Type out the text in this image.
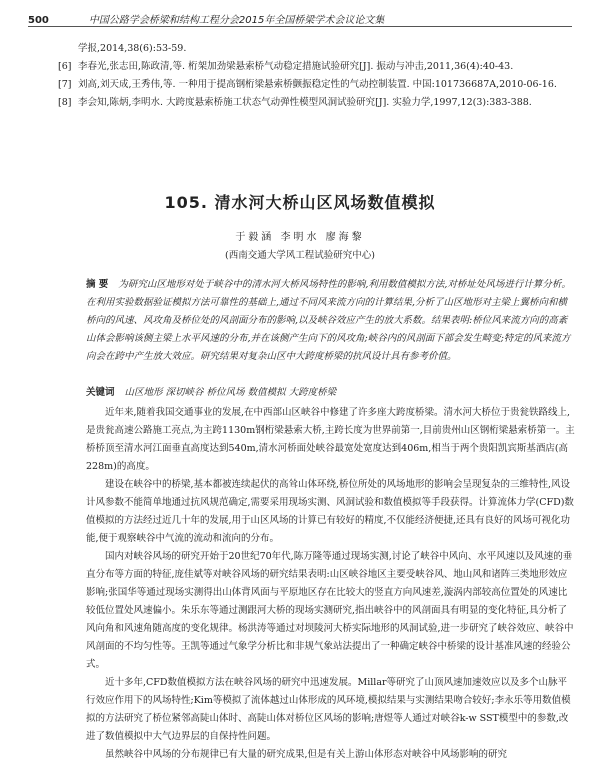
500	中国公路学会桥梁和结构工程分会2015年全国桥梁学术会议论文集
学报,2014,38(6):53-59.
[6] 李春光,张志田,陈政清,等. 桁架加劲梁悬索桥气动稳定措施试验研究[J]. 振动与冲击,2011,36(4):40-43.
[7] 刘高,刘天成,王秀伟,等. 一种用于提高钢桁梁悬索桥颤振稳定性的气动控制装置. 中国:101736687A,2010-06-16.
[8] 李会知,陈炳,李明水. 大跨度悬索桥施工状态气动弹性模型风洞试验研究[J]. 实验力学,1997,12(3):383-388.
105. 清水河大桥山区风场数值模拟
于毅涵 李明水 廖海黎
(西南交通大学风工程试验研究中心)
摘 要 为研究山区地形对处于峡谷中的清水河大桥风场特性的影响,利用数值模拟方法,对桥址处风场进行计算分析。在利用实验数据验证模拟方法可靠性的基础上,通过不同风来流方向的计算结果,分析了山区地形对主梁上翼桥向和横桥向的风速、风攻角及桥位处的风剖面分布的影响,以及峡谷效应产生的放大系数。结果表明:桥位风来流方向的高紊山体会影响该侧主梁上水平风速的分布,并在该侧产生向下的风攻角;峡谷内的风剖面下部会发生畸变;特定的风来流方向会在跨中产生放大效应。研究结果对复杂山区中大跨度桥梁的抗风设计具有参考价值。
关键词 山区地形 深切峡谷 桥位风场 数值模拟 大跨度桥梁

近年来,随着我国交通事业的发展,在中西部山区峡谷中修建了许多座大跨度桥梁。清水河大桥位于贵瓮铁路线上,是贵瓮高速公路施工亮点,为主跨1130m钢桁梁悬索大桥,主跨长度为世界前第一,目前贵州山区钢桁梁悬索桥第一。主桥桥顶至清水河江面垂直高度达到540m,清水河桥面处峡谷最宽处宽度达到406m,相当于两个贵阳凯宾斯基酒店(高228m)的高度。

建设在峡谷中的桥梁,基本都被连续起伏的高耸山体环绕,桥位所处的风场地形的影响会呈现复杂的三维特性,风设计风参数不能简单地通过抗风规范确定,需要采用现场实测、风洞试验和数值模拟等手段获得。计算流体力学(CFD)数值模拟的方法经过近几十年的发展,用于山区风场的计算已有较好的精度,不仅能经济便捷,还具有良好的风场可视化功能,便于观察峡谷中气流的流动和流向的分布。

国内对峡谷风场的研究开始于20世纪70年代,陈万隆等通过现场实测,讨论了峡谷中风向、水平风速以及风速的垂直分布等方面的特征,庞佳斌等对峡谷风场的研究结果表明:山区峡谷地区主要受峡谷风、地山风和诸阵三类地形效应影响;张国华等通过现场实测得出山体背风面与平原地区存在比较大的竖直方向风速差,漩涡内部较高位置处的风速比较低位置处风速偏小。朱乐东等通过测跟河大桥的现场实测研究,指出峡谷中的风剖面具有明显的变化特征,具分析了风向角和风速角随高度的变化规律。杨洪涛等通过对坝陵河大桥实际地形的风洞试验,进一步研究了峡谷效应、峡谷中风剖面的不均匀性等。王凯等通过气象学分析比和非规气象站法提出了一种确定峡谷中桥梁的设计基准风速的经验公式。

近十多年,CFD数值模拟方法在峡谷风场的研究中迅速发展。Millar等研究了山顶风速加速效应以及多个山脉平行效应作用下的风场特性;Kim等模拟了流体越过山体形成的风环境,模拟结果与实测结果吻合较好;李永乐等用数值模拟的方法研究了桥位紧邻高陡山体时、高陡山体对桥位区风场的影响;唐煜等人通过对峡谷k-w SST模型中的参数,改进了数值模拟中大气边界层的自保持性问题。

虽然峡谷中风场的分布规律已有大量的研究成果,但是有关上游山体形态对峡谷中风场影响的研究
